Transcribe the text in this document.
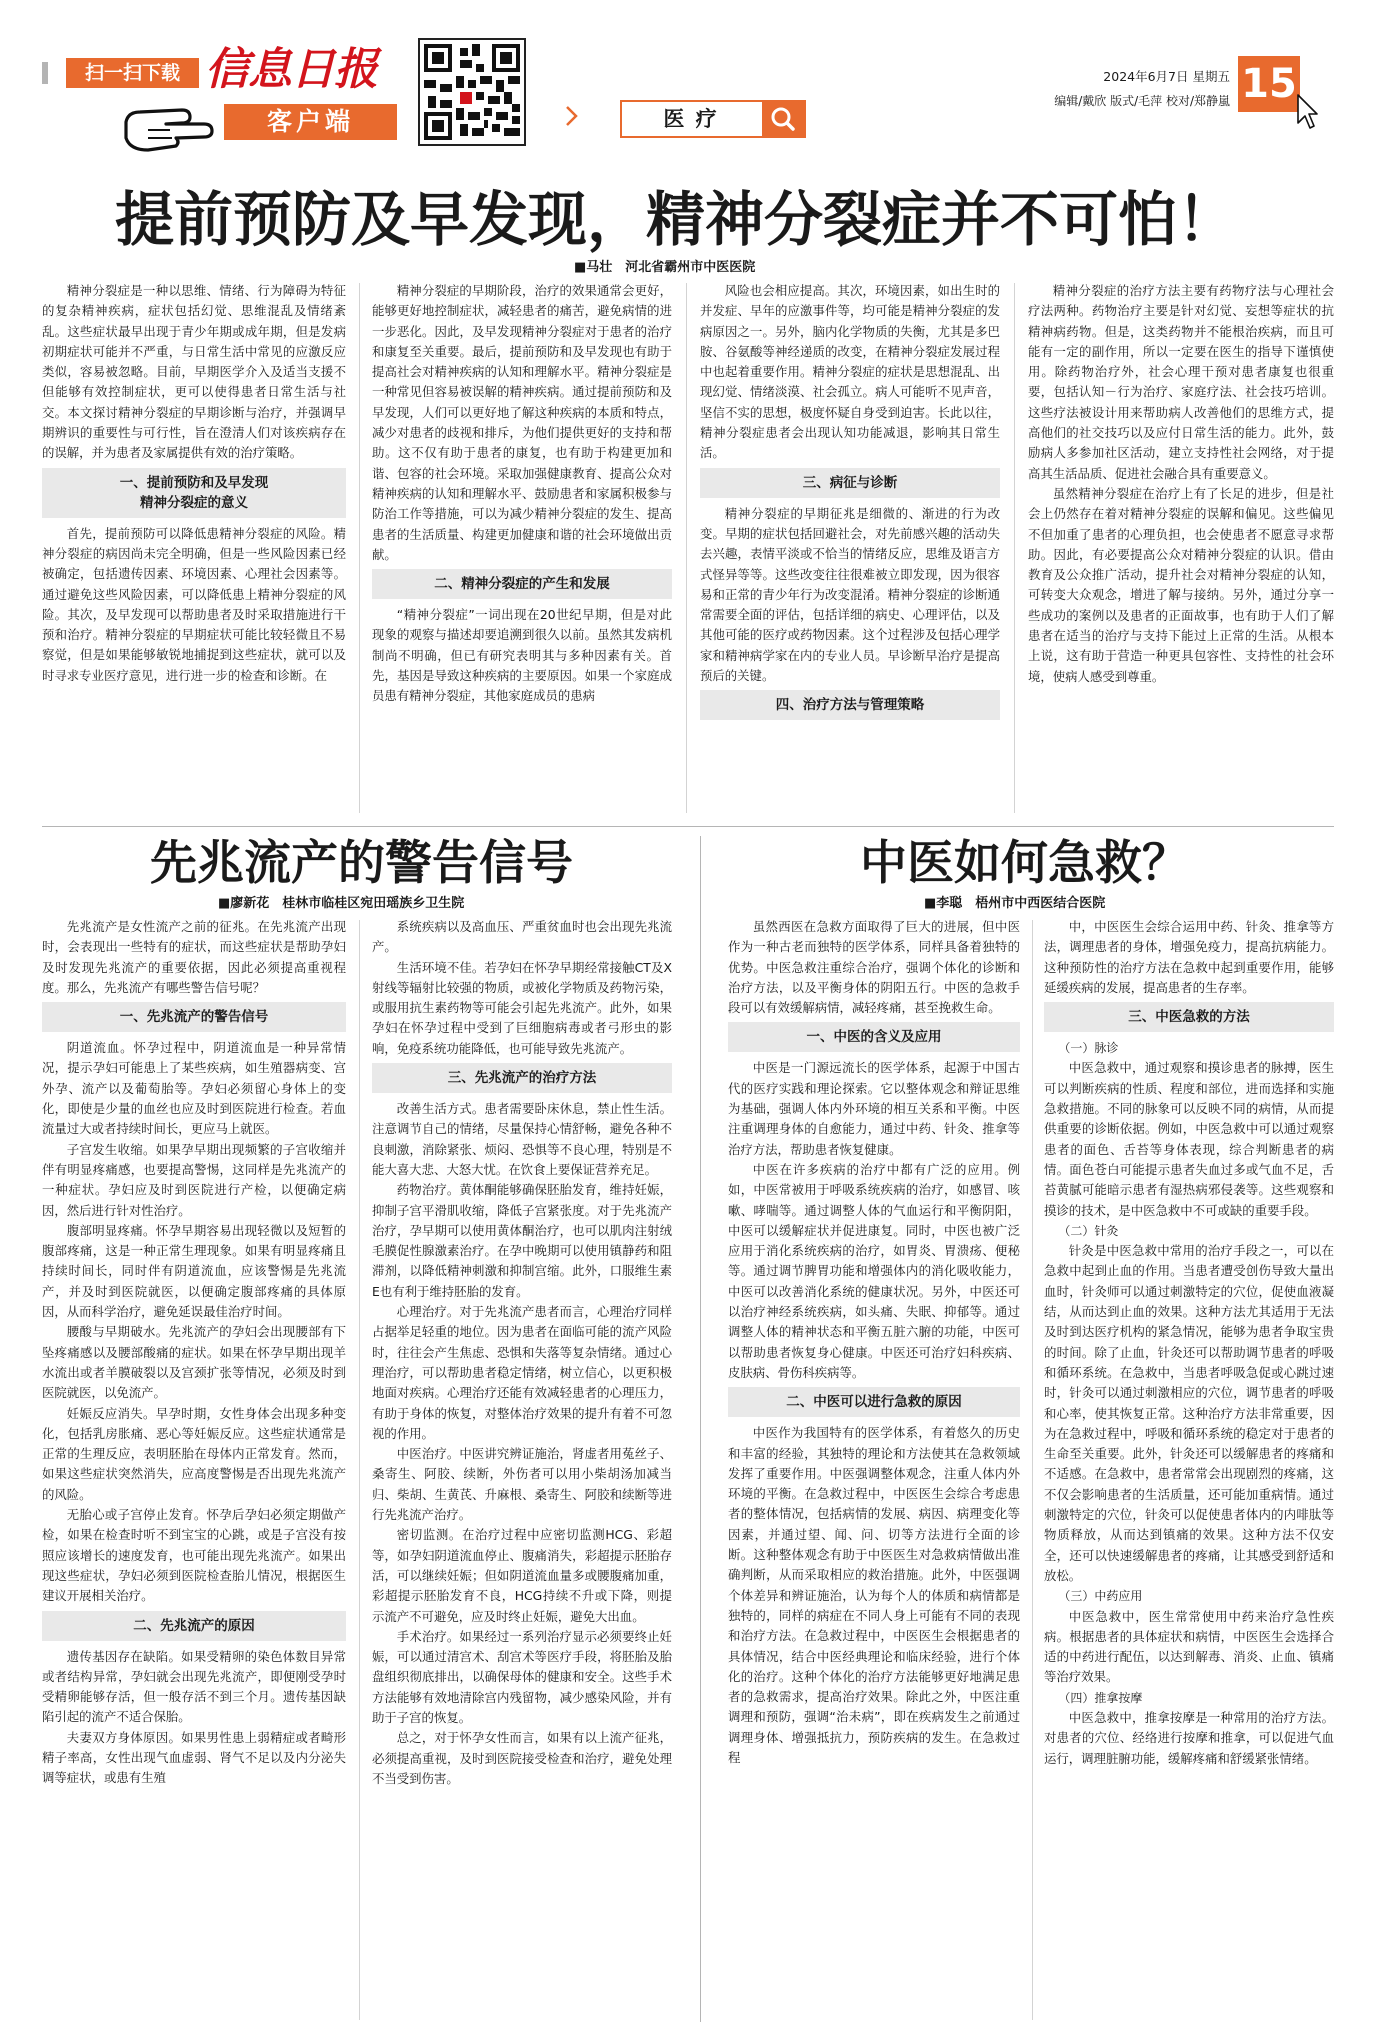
扫一扫下载 信息日报
客户端	医 疗
2024年6月7日 星期五
编辑/戴欣 版式/毛萍 校对/郑静嵐 15
提前预防及早发现，精神分裂症并不可怕！
■马壮　河北省霸州市中医医院

精神分裂症是一种以思维、情绪、行为障碍为特征的复杂精神疾病，症状包括幻觉、思维混乱及情绪紊乱。这些症状最早出现于青少年期或成年期，但是发病初期症状可能并不严重，与日常生活中常见的应激反应类似，容易被忽略。目前，早期医学介入及适当支援不但能够有效控制症状，更可以使得患者日常生活与社交。本文探讨精神分裂症的早期诊断与治疗，并强调早期辨识的重要性与可行性，旨在澄清人们对该疾病存在的误解，并为患者及家属提供有效的治疗策略。

一、提前预防和及早发现
精神分裂症的意义

首先，提前预防可以降低患精神分裂症的风险。精神分裂症的病因尚未完全明确，但是一些风险因素已经被确定，包括遗传因素、环境因素、心理社会因素等。通过避免这些风险因素，可以降低患上精神分裂症的风险。其次，及早发现可以帮助患者及时采取措施进行干预和治疗。精神分裂症的早期症状可能比较轻微且不易察觉，但是如果能够敏锐地捕捉到这些症状，就可以及时寻求专业医疗意见，进行进一步的检查和诊断。在

精神分裂症的早期阶段，治疗的效果通常会更好，能够更好地控制症状，减轻患者的痛苦，避免病情的进一步恶化。因此，及早发现精神分裂症对于患者的治疗和康复至关重要。最后，提前预防和及早发现也有助于提高社会对精神疾病的认知和理解水平。精神分裂症是一种常见但容易被误解的精神疾病。通过提前预防和及早发现，人们可以更好地了解这种疾病的本质和特点，减少对患者的歧视和排斥，为他们提供更好的支持和帮助。这不仅有助于患者的康复，也有助于构建更加和谐、包容的社会环境。采取加强健康教育、提高公众对精神疾病的认知和理解水平、鼓励患者和家属积极参与防治工作等措施，可以为减少精神分裂症的发生、提高患者的生活质量、构建更加健康和谐的社会环境做出贡献。

二、精神分裂症的产生和发展

“精神分裂症”一词出现在20世纪早期，但是对此现象的观察与描述却要追溯到很久以前。虽然其发病机制尚不明确，但已有研究表明其与多种因素有关。首先，基因是导致这种疾病的主要原因。如果一个家庭成员患有精神分裂症，其他家庭成员的患病

风险也会相应提高。其次，环境因素，如出生时的并发症、早年的应激事件等，均可能是精神分裂症的发病原因之一。另外，脑内化学物质的失衡，尤其是多巴胺、谷氨酸等神经递质的改变，在精神分裂症发展过程中也起着重要作用。精神分裂症的症状是思想混乱、出现幻觉、情绪淡漠、社会孤立。病人可能听不见声音，坚信不实的思想，极度怀疑自身受到迫害。长此以往，精神分裂症患者会出现认知功能减退，影响其日常生活。

三、病征与诊断

精神分裂症的早期征兆是细微的、渐进的行为改变。早期的症状包括回避社会，对先前感兴趣的活动失去兴趣，表情平淡或不恰当的情绪反应，思维及语言方式怪异等等。这些改变往往很难被立即发现，因为很容易和正常的青少年行为改变混淆。精神分裂症的诊断通常需要全面的评估，包括详细的病史、心理评估，以及其他可能的医疗或药物因素。这个过程涉及包括心理学家和精神病学家在内的专业人员。早诊断早治疗是提高预后的关键。

四、治疗方法与管理策略

精神分裂症的治疗方法主要有药物疗法与心理社会疗法两种。药物治疗主要是针对幻觉、妄想等症状的抗精神病药物。但是，这类药物并不能根治疾病，而且可能有一定的副作用，所以一定要在医生的指导下谨慎使用。除药物治疗外，社会心理干预对患者康复也很重要，包括认知－行为治疗、家庭疗法、社会技巧培训。这些疗法被设计用来帮助病人改善他们的思维方式，提高他们的社交技巧以及应付日常生活的能力。此外，鼓励病人多参加社区活动，建立支持性社会网络，对于提高其生活品质、促进社会融合具有重要意义。

虽然精神分裂症在治疗上有了长足的进步，但是社会上仍然存在着对精神分裂症的误解和偏见。这些偏见不但加重了患者的心理负担，也会使患者不愿意寻求帮助。因此，有必要提高公众对精神分裂症的认识。借由教育及公众推广活动，提升社会对精神分裂症的认知，可转变大众观念，增进了解与接纳。另外，通过分享一些成功的案例以及患者的正面故事，也有助于人们了解患者在适当的治疗与支持下能过上正常的生活。从根本上说，这有助于营造一种更具包容性、支持性的社会环境，使病人感受到尊重。

先兆流产的警告信号
■廖新花　桂林市临桂区宛田瑶族乡卫生院

先兆流产是女性流产之前的征兆。在先兆流产出现时，会表现出一些特有的症状，而这些症状是帮助孕妇及时发现先兆流产的重要依据，因此必须提高重视程度。那么，先兆流产有哪些警告信号呢？

一、先兆流产的警告信号

阴道流血。怀孕过程中，阴道流血是一种异常情况，提示孕妇可能患上了某些疾病，如生殖器病变、宫外孕、流产以及葡萄胎等。孕妇必须留心身体上的变化，即使是少量的血丝也应及时到医院进行检查。若血流量过大或者持续时间长，更应马上就医。

子宫发生收缩。如果孕早期出现频繁的子宫收缩并伴有明显疼痛感，也要提高警惕，这同样是先兆流产的一种症状。孕妇应及时到医院进行产检，以便确定病因，然后进行针对性治疗。

腹部明显疼痛。怀孕早期容易出现轻微以及短暂的腹部疼痛，这是一种正常生理现象。如果有明显疼痛且持续时间长，同时伴有阴道流血，应该警惕是先兆流产，并及时到医院就医，以便确定腹部疼痛的具体原因，从而科学治疗，避免延误最佳治疗时间。

腰酸与早期破水。先兆流产的孕妇会出现腰部有下坠疼痛感以及腰部酸痛的症状。如果在怀孕早期出现羊水流出或者羊膜破裂以及宫颈扩张等情况，必须及时到医院就医，以免流产。

妊娠反应消失。早孕时期，女性身体会出现多种变化，包括乳房胀痛、恶心等妊娠反应。这些症状通常是正常的生理反应，表明胚胎在母体内正常发育。然而，如果这些症状突然消失，应高度警惕是否出现先兆流产的风险。

无胎心或子宫停止发育。怀孕后孕妇必须定期做产检，如果在检查时听不到宝宝的心跳，或是子宫没有按照应该增长的速度发育，也可能出现先兆流产。如果出现这些症状，孕妇必须到医院检查胎儿情况，根据医生建议开展相关治疗。

二、先兆流产的原因

遗传基因存在缺陷。如果受精卵的染色体数目异常或者结构异常，孕妇就会出现先兆流产，即便刚受孕时受精卵能够存活，但一般存活不到三个月。遗传基因缺陷引起的流产不适合保胎。

夫妻双方身体原因。如果男性患上弱精症或者畸形精子率高，女性出现气血虚弱、肾气不足以及内分泌失调等症状，或患有生殖

系统疾病以及高血压、严重贫血时也会出现先兆流产。

生活环境不佳。若孕妇在怀孕早期经常接触CT及X射线等辐射比较强的物质，或被化学物质及药物污染，或服用抗生素药物等可能会引起先兆流产。此外，如果孕妇在怀孕过程中受到了巨细胞病毒或者弓形虫的影响，免疫系统功能降低，也可能导致先兆流产。

三、先兆流产的治疗方法

改善生活方式。患者需要卧床休息，禁止性生活。注意调节自己的情绪，尽量保持心情舒畅，避免各种不良刺激，消除紧张、烦闷、恐惧等不良心理，特别是不能大喜大悲、大怒大忧。在饮食上要保证营养充足。

药物治疗。黄体酮能够确保胚胎发育，维持妊娠，抑制子宫平滑肌收缩，降低子宫紧张度。对于先兆流产治疗，孕早期可以使用黄体酮治疗，也可以肌肉注射绒毛膜促性腺激素治疗。在孕中晚期可以使用镇静药和阻滞剂，以降低精神刺激和抑制宫缩。此外，口服维生素E也有利于维持胚胎的发育。

心理治疗。对于先兆流产患者而言，心理治疗同样占据举足轻重的地位。因为患者在面临可能的流产风险时，往往会产生焦虑、恐惧和失落等复杂情绪。通过心理治疗，可以帮助患者稳定情绪，树立信心，以更积极地面对疾病。心理治疗还能有效减轻患者的心理压力，有助于身体的恢复，对整体治疗效果的提升有着不可忽视的作用。

中医治疗。中医讲究辨证施治，肾虚者用菟丝子、桑寄生、阿胶、续断，外伤者可以用小柴胡汤加减当归、柴胡、生黄芪、升麻根、桑寄生、阿胶和续断等进行先兆流产治疗。

密切监测。在治疗过程中应密切监测HCG、彩超等，如孕妇阴道流血停止、腹痛消失，彩超提示胚胎存活，可以继续妊娠；但如阴道流血量多或腰腹痛加重，彩超提示胚胎发育不良，HCG持续不升或下降，则提示流产不可避免，应及时终止妊娠，避免大出血。

手术治疗。如果经过一系列治疗显示必须要终止妊娠，可以通过清宫术、刮宫术等医疗手段，将胚胎及胎盘组织彻底排出，以确保母体的健康和安全。这些手术方法能够有效地清除宫内残留物，减少感染风险，并有助于子宫的恢复。

总之，对于怀孕女性而言，如果有以上流产征兆，必须提高重视，及时到医院接受检查和治疗，避免处理不当受到伤害。

中医如何急救？
■李聪　梧州市中西医结合医院

虽然西医在急救方面取得了巨大的进展，但中医作为一种古老而独特的医学体系，同样具备着独特的优势。中医急救注重综合治疗，强调个体化的诊断和治疗方法，以及平衡身体的阴阳五行。中医的急救手段可以有效缓解病情，减轻疼痛，甚至挽救生命。

一、中医的含义及应用

中医是一门源远流长的医学体系，起源于中国古代的医疗实践和理论探索。它以整体观念和辩证思维为基础，强调人体内外环境的相互关系和平衡。中医注重调理身体的自愈能力，通过中药、针灸、推拿等治疗方法，帮助患者恢复健康。

中医在许多疾病的治疗中都有广泛的应用。例如，中医常被用于呼吸系统疾病的治疗，如感冒、咳嗽、哮喘等。通过调整人体的气血运行和平衡阴阳，中医可以缓解症状并促进康复。同时，中医也被广泛应用于消化系统疾病的治疗，如胃炎、胃溃疡、便秘等。通过调节脾胃功能和增强体内的消化吸收能力，中医可以改善消化系统的健康状况。另外，中医还可以治疗神经系统疾病，如头痛、失眠、抑郁等。通过调整人体的精神状态和平衡五脏六腑的功能，中医可以帮助患者恢复身心健康。中医还可治疗妇科疾病、皮肤病、骨伤科疾病等。

二、中医可以进行急救的原因

中医作为我国特有的医学体系，有着悠久的历史和丰富的经验，其独特的理论和方法使其在急救领域发挥了重要作用。中医强调整体观念，注重人体内外环境的平衡。在急救过程中，中医医生会综合考虑患者的整体情况，包括病情的发展、病因、病理变化等因素，并通过望、闻、问、切等方法进行全面的诊断。这种整体观念有助于中医医生对急救病情做出准确判断，从而采取相应的救治措施。此外，中医强调个体差异和辨证施治，认为每个人的体质和病情都是独特的，同样的病症在不同人身上可能有不同的表现和治疗方法。在急救过程中，中医医生会根据患者的具体情况，结合中医经典理论和临床经验，进行个体化的治疗。这种个体化的治疗方法能够更好地满足患者的急救需求，提高治疗效果。除此之外，中医注重调理和预防，强调“治未病”，即在疾病发生之前通过调理身体、增强抵抗力，预防疾病的发生。在急救过程

中，中医医生会综合运用中药、针灸、推拿等方法，调理患者的身体，增强免疫力，提高抗病能力。这种预防性的治疗方法在急救中起到重要作用，能够延缓疾病的发展，提高患者的生存率。

三、中医急救的方法
（一）脉诊

中医急救中，通过观察和摸诊患者的脉搏，医生可以判断疾病的性质、程度和部位，进而选择和实施急救措施。不同的脉象可以反映不同的病情，从而提供重要的诊断依据。例如，中医急救中可以通过观察患者的面色、舌苔等身体表现，综合判断患者的病情。面色苍白可能提示患者失血过多或气血不足，舌苔黄腻可能暗示患者有湿热病邪侵袭等。这些观察和摸诊的技术，是中医急救中不可或缺的重要手段。

（二）针灸

针灸是中医急救中常用的治疗手段之一，可以在急救中起到止血的作用。当患者遭受创伤导致大量出血时，针灸师可以通过刺激特定的穴位，促使血液凝结，从而达到止血的效果。这种方法尤其适用于无法及时到达医疗机构的紧急情况，能够为患者争取宝贵的时间。除了止血，针灸还可以帮助调节患者的呼吸和循环系统。在急救中，当患者呼吸急促或心跳过速时，针灸可以通过刺激相应的穴位，调节患者的呼吸和心率，使其恢复正常。这种治疗方法非常重要，因为在急救过程中，呼吸和循环系统的稳定对于患者的生命至关重要。此外，针灸还可以缓解患者的疼痛和不适感。在急救中，患者常常会出现剧烈的疼痛，这不仅会影响患者的生活质量，还可能加重病情。通过刺激特定的穴位，针灸可以促使患者体内的内啡肽等物质释放，从而达到镇痛的效果。这种方法不仅安全，还可以快速缓解患者的疼痛，让其感受到舒适和放松。

（三）中药应用

中医急救中，医生常常使用中药来治疗急性疾病。根据患者的具体症状和病情，中医医生会选择合适的中药进行配伍，以达到解毒、消炎、止血、镇痛等治疗效果。

（四）推拿按摩

中医急救中，推拿按摩是一种常用的治疗方法。对患者的穴位、经络进行按摩和推拿，可以促进气血运行，调理脏腑功能，缓解疼痛和舒缓紧张情绪。
